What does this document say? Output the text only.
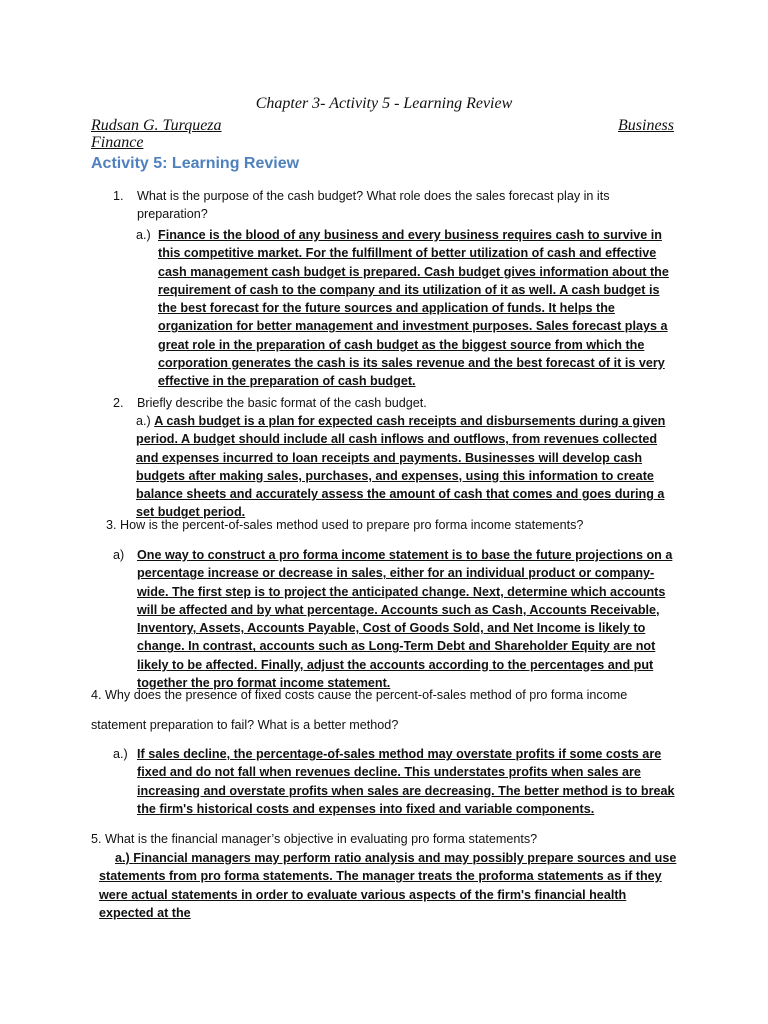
Chapter 3- Activity 5 - Learning Review
Rudsan G. Turqueza	Business
Finance
Activity 5: Learning Review
1. What is the purpose of the cash budget? What role does the sales forecast play in its preparation?
a.) Finance is the blood of any business and every business requires cash to survive in this competitive market. For the fulfillment of better utilization of cash and effective cash management cash budget is prepared. Cash budget gives information about the requirement of cash to the company and its utilization of it as well. A cash budget is the best forecast for the future sources and application of funds. It helps the organization for better management and investment purposes. Sales forecast plays a great role in the preparation of cash budget as the biggest source from which the corporation generates the cash is its sales revenue and the best forecast of it is very effective in the preparation of cash budget.
2. Briefly describe the basic format of the cash budget.
a.) A cash budget is a plan for expected cash receipts and disbursements during a given period. A budget should include all cash inflows and outflows, from revenues collected and expenses incurred to loan receipts and payments. Businesses will develop cash budgets after making sales, purchases, and expenses, using this information to create balance sheets and accurately assess the amount of cash that comes and goes during a set budget period.
3. How is the percent-of-sales method used to prepare pro forma income statements?
a) One way to construct a pro forma income statement is to base the future projections on a percentage increase or decrease in sales, either for an individual product or company-wide. The first step is to project the anticipated change. Next, determine which accounts will be affected and by what percentage. Accounts such as Cash, Accounts Receivable, Inventory, Assets, Accounts Payable, Cost of Goods Sold, and Net Income is likely to change. In contrast, accounts such as Long-Term Debt and Shareholder Equity are not likely to be affected. Finally, adjust the accounts according to the percentages and put together the pro format income statement.
4. Why does the presence of fixed costs cause the percent-of-sales method of pro forma income
statement preparation to fail? What is a better method?
a.) If sales decline, the percentage-of-sales method may overstate profits if some costs are fixed and do not fall when revenues decline. This understates profits when sales are increasing and overstate profits when sales are decreasing. The better method is to break the firm's historical costs and expenses into fixed and variable components.
5. What is the financial manager’s objective in evaluating pro forma statements?
a.) Financial managers may perform ratio analysis and may possibly prepare sources and use statements from pro forma statements. The manager treats the proforma statements as if they were actual statements in order to evaluate various aspects of the firm's financial health expected at the
